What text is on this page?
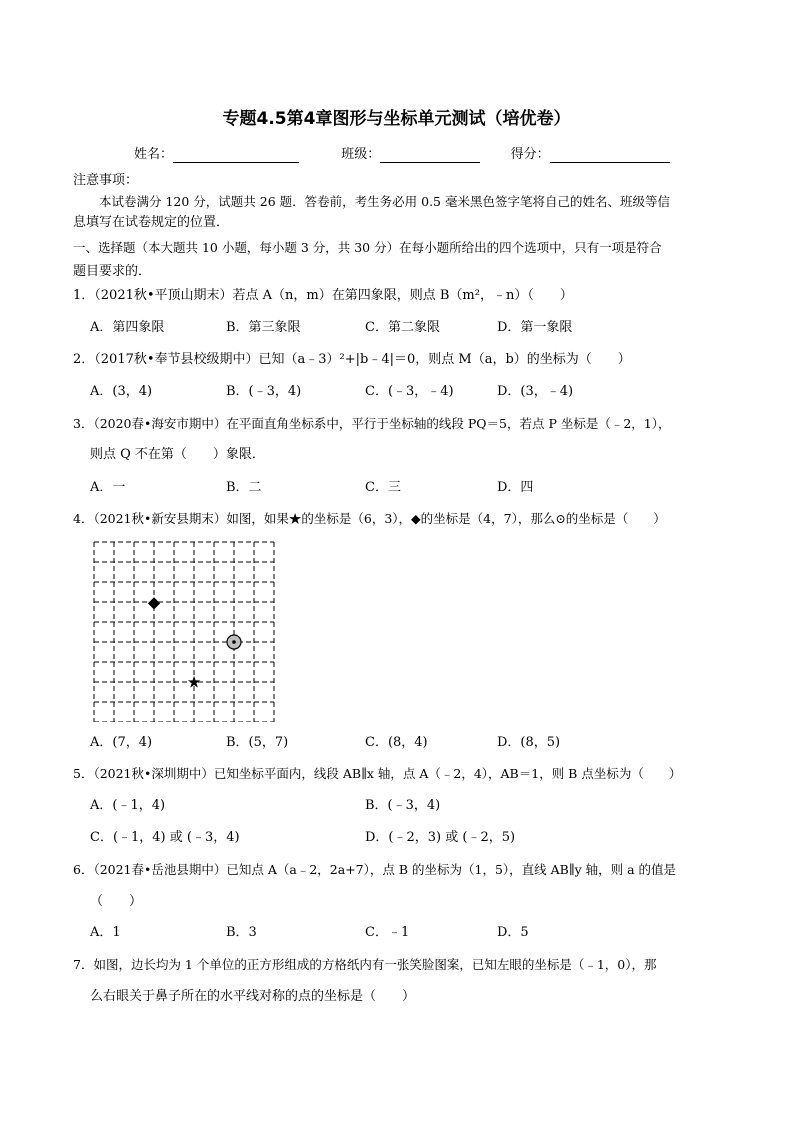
专题4.5第4章图形与坐标单元测试（培优卷）
姓名：	班级：	得分：
注意事项：
本试卷满分 120 分，试题共 26 题．答卷前，考生务必用 0.5 毫米黑色签字笔将自己的姓名、班级等信
息填写在试卷规定的位置．
一、选择题（本大题共 10 小题，每小题 3 分，共 30 分）在每小题所给出的四个选项中，只有一项是符合
题目要求的．
1．（2021秋•平顶山期末）若点 A（n，m）在第四象限，则点 B（m²，﹣n）（　　）
A．第四象限	B．第三象限	C．第二象限	D．第一象限
2．（2017秋•奉节县校级期中）已知（a﹣3）²+|b﹣4|＝0，则点 M（a，b）的坐标为（　　）
A．(3，4)	B．(﹣3，4)	C．(﹣3，﹣4)	D．(3，﹣4)
3．（2020春•海安市期中）在平面直角坐标系中，平行于坐标轴的线段 PQ＝5，若点 P 坐标是（﹣2，1），
则点 Q 不在第（　　）象限．
A．一	B．二	C．三	D．四
4．（2021秋•新安县期末）如图，如果★的坐标是（6，3），◆的坐标是（4，7），那么⊙的坐标是（　　）
◆
★
A．(7，4)	B．(5，7)	C．(8，4)	D．(8，5)
5．（2021秋•深圳期中）已知坐标平面内，线段 AB∥x 轴，点 A（﹣2，4），AB＝1，则 B 点坐标为（　　）
A．(﹣1，4)	B．(﹣3，4)
C．(﹣1，4) 或 (﹣3，4)	D．(﹣2，3) 或 (﹣2，5)
6．（2021春•岳池县期中）已知点 A（a﹣2，2a+7），点 B 的坐标为（1，5），直线 AB∥y 轴，则 a 的值是
（　　）
A．1	B．3	C．﹣1	D．5
7．如图，边长均为 1 个单位的正方形组成的方格纸内有一张笑脸图案，已知左眼的坐标是（﹣1，0），那
么右眼关于鼻子所在的水平线对称的点的坐标是（　　）
